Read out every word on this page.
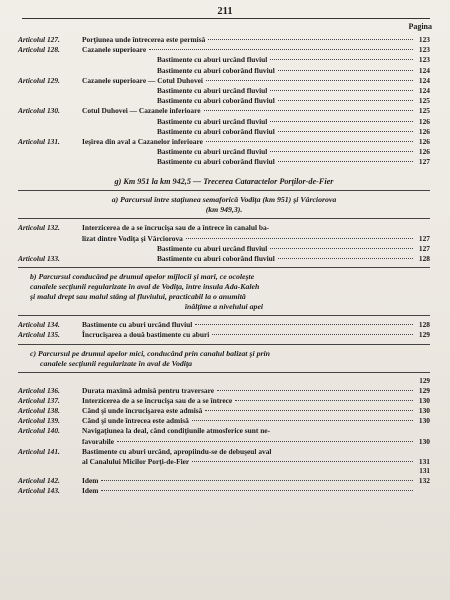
211
Pagina
Articolul 127.	Porţiunea unde întrecerea este permisă	123
Articolul 128.	Cazanele superioare	123
Bastimente cu aburi urcând fluviul	123
Bastimente cu aburi coborând fluviul	124
Articolul 129.	Cazanele superioare — Cotul Duhovei	124
Bastimente cu aburi urcând fluviul	124
Bastimente cu aburi coborând fluviul	125
Articolul 130.	Cotul Duhovei — Cazanele inferioare	125
Bastimente cu aburi urcând fluviul	126
Bastimente cu aburi coborând fluviul	126
Articolul 131.	Ieşirea din aval a Cazanelor inferioare	126
Bastimente cu aburi urcând fluviul	126
Bastimente cu aburi coborând fluviul	127
g) Km 951 la km 942,5 — Trecerea Cataractelor Porţilor-de-Fier
a) Parcursul între staţiunea semaforică Vodiţa (km 951) şi Vârciorova
(km 949,3).
Articolul 132.	Interzicerea de a se încrucişa sau de a întrece în canalul ba-
lizat dintre Vodiţa şi Vârciorova	127
Bastimente cu aburi urcând fluviul	127
Articolul 133.	Bastimente cu aburi coborând fluviul	128
b) Parcursul conducând pe drumul apelor mijlocii şi mari, ce ocoleşte
canalele secţiunii regularizate în aval de Vodiţa, între insula Ada-Kaleh
şi malul drept sau malul stâng al fluviului, practicabil la o anumită
înălţime a nivelului apei
Articolul 134.	Bastimente cu aburi urcând fluviul	128
Articolul 135.	Încrucişarea a două bastimente cu aburi	129
c) Parcursul pe drumul apelor mici, conducând prin canalul balizat şi prin
canalele secţiunii regularizate în aval de Vodiţa
129
Articolul 136.	Durata maximă admisă pentru traversare	129
Articolul 137.	Interzicerea de a se încrucişa sau de a se întrece	130
Articolul 138.	Când şi unde încrucişarea este admisă	130
Articolul 139.	Când şi unde întrecea este admisă	130
Articolul 140.	Navigaţiunea la deal, când condiţiunile atmosferice sunt ne-
favorabile	130
Articolul 141.	Bastimente cu aburi urcând, apropiindu-se de debuşeul aval
al Canalului Micilor Porţi-de-Fier	131
131
Articolul 142.	Idem	132
Articolul 143.	Idem
